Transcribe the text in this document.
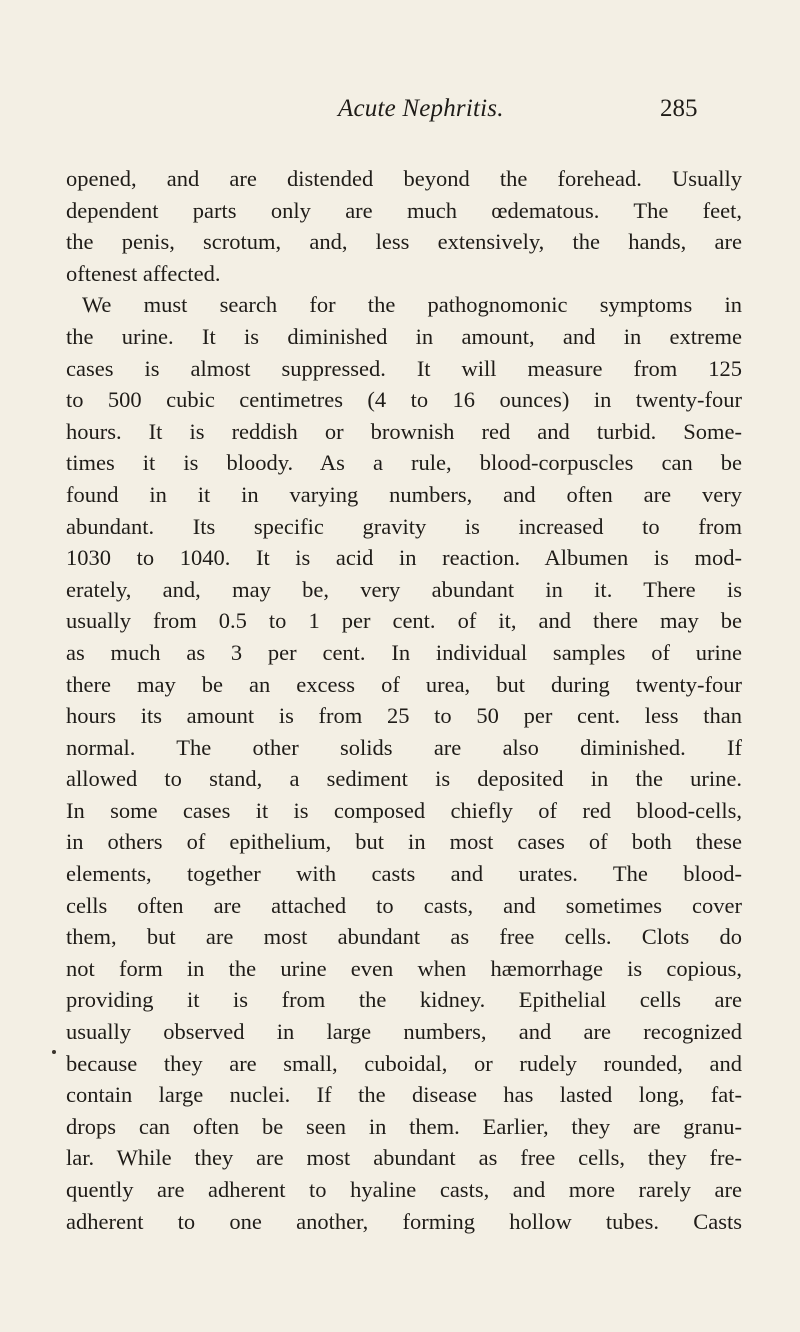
Acute Nephritis.	285
opened, and are distended beyond the forehead. Usually
dependent parts only are much œdematous. The feet,
the penis, scrotum, and, less extensively, the hands, are
oftenest affected.
We must search for the pathognomonic symptoms in
the urine. It is diminished in amount, and in extreme
cases is almost suppressed. It will measure from 125
to 500 cubic centimetres (4 to 16 ounces) in twenty-four
hours. It is reddish or brownish red and turbid. Some-
times it is bloody. As a rule, blood-corpuscles can be
found in it in varying numbers, and often are very
abundant. Its specific gravity is increased to from
1030 to 1040. It is acid in reaction. Albumen is mod-
erately, and, may be, very abundant in it. There is
usually from 0.5 to 1 per cent. of it, and there may be
as much as 3 per cent. In individual samples of urine
there may be an excess of urea, but during twenty-four
hours its amount is from 25 to 50 per cent. less than
normal. The other solids are also diminished. If
allowed to stand, a sediment is deposited in the urine.
In some cases it is composed chiefly of red blood-cells,
in others of epithelium, but in most cases of both these
elements, together with casts and urates. The blood-
cells often are attached to casts, and sometimes cover
them, but are most abundant as free cells. Clots do
not form in the urine even when hæmorrhage is copious,
providing it is from the kidney. Epithelial cells are
usually observed in large numbers, and are recognized
because they are small, cuboidal, or rudely rounded, and
contain large nuclei. If the disease has lasted long, fat-
drops can often be seen in them. Earlier, they are granu-
lar. While they are most abundant as free cells, they fre-
quently are adherent to hyaline casts, and more rarely are
adherent to one another, forming hollow tubes. Casts
